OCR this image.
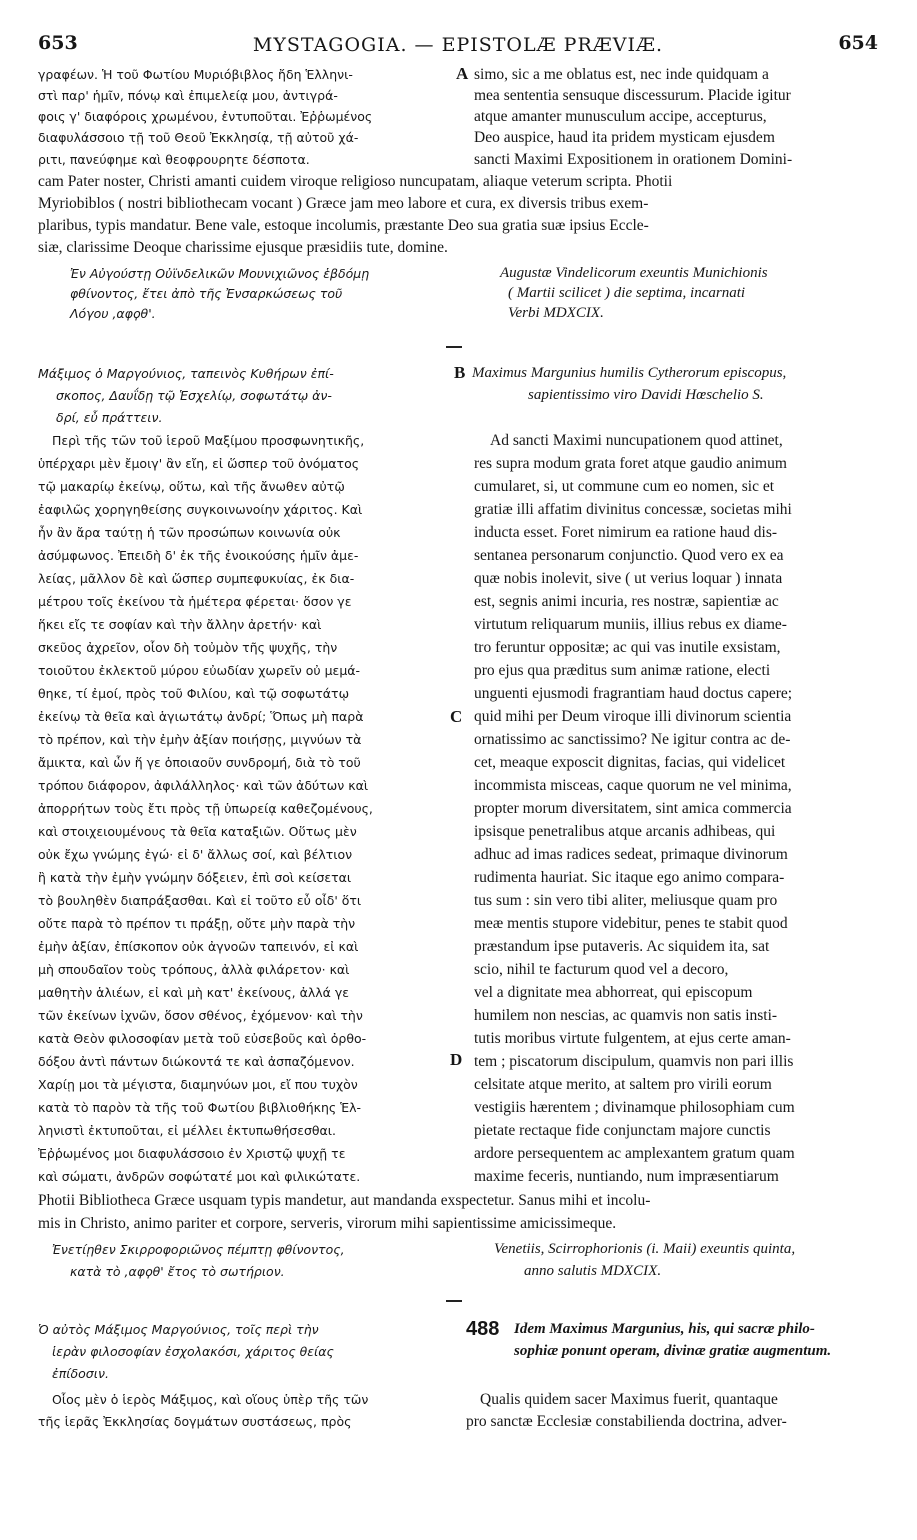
653	MYSTAGOGIA. — EPISTOLÆ PRÆVIÆ.	654
γραφέων. Ἡ τοῦ Φωτίου Μυριόβιβλος ἤδη Ἑλληνι-
στὶ παρ' ἡμῖν, πόνῳ καὶ ἐπιμελείᾳ μου, ἀντιγρά-
φοις γ' διαφόροις χρωμένου, ἐντυποῦται. Ἐῤῥωμένος
διαφυλάσσοιο τῇ τοῦ Θεοῦ Ἐκκλησίᾳ, τῇ αὐτοῦ χά-
ριτι, πανεύφημε καὶ θεοφρουρητε δέσποτα.
A simo, sic a me oblatus est, nec inde quidquam a
mea sententia sensuque discessurum. Placide igitur
atque amanter munusculum accipe, accepturus,
Deo auspice, haud ita pridem mysticam ejusdem
sancti Maximi Expositionem in orationem Domini-
cam Pater noster, Christi amanti cuidem viroque religioso nuncupatam, aliaque veterum scripta. Photii
Myriobiblos ( nostri bibliothecam vocant ) Græce jam meo labore et cura, ex diversis tribus exem-
plaribus, typis mandatur. Bene vale, estoque incolumis, præstante Deo sua gratia suæ ipsius Eccle-
siæ, clarissime Deoque charissime ejusque præsidiis tute, domine.
Ἐν Αὐγούστῃ Οὐϊνδελικῶν Μουνιχιῶνος ἑβδόμῃ
φθίνοντος, ἔτει ἀπὸ τῆς Ἐνσαρκώσεως τοῦ
Λόγου ,αφϙθ'.
Augustæ Vindelicorum exeuntis Munichionis
( Martii scilicet ) die septima, incarnati
Verbi MDXCIX.
Μάξιμος ὁ Μαργούνιος, ταπεινὸς Κυθήρων ἐπί-
σκοπος, Δαυΐδῃ τῷ Ἑσχελίῳ, σοφωτάτῳ ἀν-
δρί, εὖ πράττειν.
B Maximus Margunius humilis Cytherorum episcopus,
sapientissimo viro Davidi Hœschelio S.
Περὶ τῆς τῶν τοῦ ἱεροῦ Μαξίμου προσφωνητικῆς,
ὑπέρχαρι μὲν ἔμοιγ' ἂν εἴη, εἰ ὥσπερ τοῦ ὀνόματος
τῷ μακαρίῳ ἐκείνῳ, οὕτω, καὶ τῆς ἄνωθεν αὐτῷ
ἐαφιλῶς χορηγηθείσης συγκοινωνοίην χάριτος. Καὶ
ἦν ἂν ἄρα ταύτῃ ἡ τῶν προσώπων κοινωνία οὐκ
ἀσύμφωνος. Ἐπειδὴ δ' ἐκ τῆς ἐνοικούσης ἡμῖν ἀμε-
λείας, μᾶλλον δὲ καὶ ὥσπερ συμπεφυκυίας, ἐκ δια-
μέτρου τοῖς ἐκείνου τὰ ἡμέτερα φέρεται· ὅσον γε
ἥκει εἴς τε σοφίαν καὶ τὴν ἄλλην ἀρετήν· καὶ
σκεῦος ἀχρεῖον, οἷον δὴ τοὐμὸν τῆς ψυχῆς, τὴν
τοιοῦτου ἐκλεκτοῦ μύρου εὐωδίαν χωρεῖν οὐ μεμά-
θηκε, τί ἐμοί, πρὸς τοῦ Φιλίου, καὶ τῷ σοφωτάτῳ
ἐκείνῳ τὰ θεῖα καὶ ἁγιωτάτῳ ἀνδρί; Ὅπως μὴ παρὰ
τὸ πρέπον, καὶ τὴν ἐμὴν ἀξίαν ποιήσῃς, μιγνύων τὰ
ἄμικτα, καὶ ὧν ἥ γε ὁποιαοῦν συνδρομή, διὰ τὸ τοῦ
τρόπου διάφορον, ἀφιλάλληλος· καὶ τῶν ἀδύτων καὶ
ἀπορρήτων τοὺς ἔτι πρὸς τῇ ὑπωρείᾳ καθεζομένους,
καὶ στοιχειουμένους τὰ θεῖα καταξιῶν. Οὕτως μὲν
οὐκ ἔχω γνώμης ἐγώ· εἰ δ' ἄλλως σοί, καὶ βέλτιον
ἢ κατὰ τὴν ἐμὴν γνώμην δόξειεν, ἐπὶ σοὶ κείσεται
τὸ βουληθὲν διαπράξασθαι. Καὶ εἰ τοῦτο εὖ οἶδ' ὅτι
οὔτε παρὰ τὸ πρέπον τι πράξῃ, οὔτε μὴν παρὰ τὴν
ἐμὴν ἀξίαν, ἐπίσκοπον οὐκ ἀγνοῶν ταπεινόν, εἰ καὶ
μὴ σπουδαῖον τοὺς τρόπους, ἀλλὰ φιλάρετον· καὶ
μαθητὴν ἁλιέων, εἰ καὶ μὴ κατ' ἐκείνους, ἀλλά γε
τῶν ἐκείνων ἰχνῶν, ὅσον σθένος, ἐχόμενον· καὶ τὴν
κατὰ Θεὸν φιλοσοφίαν μετὰ τοῦ εὐσεβοῦς καὶ ὀρθο-
δόξου ἀντὶ πάντων διώκοντά τε καὶ ἀσπαζόμενον.
Χαρίῃ μοι τὰ μέγιστα, διαμηνύων μοι, εἴ που τυχὸν
κατὰ τὸ παρὸν τὰ τῆς τοῦ Φωτίου βιβλιοθήκης Ἑλ-
ληνιστὶ ἐκτυποῦται, εἰ μέλλει ἐκτυπωθήσεσθαι.
Ἐῤῥωμένος μοι διαφυλάσσοιο ἐν Χριστῷ ψυχῇ τε
καὶ σώματι, ἀνδρῶν σοφώτατέ μοι καὶ φιλικώτατε.
C
D
Ad sancti Maximi nuncupationem quod attinet,
res supra modum grata foret atque gaudio animum
cumularet, si, ut commune cum eo nomen, sic et
gratiæ illi affatim divinitus concessæ, societas mihi
inducta esset. Foret nimirum ea ratione haud dis-
sentanea personarum conjunctio. Quod vero ex ea
quæ nobis inolevit, sive ( ut verius loquar ) innata
est, segnis animi incuria, res nostræ, sapientiæ ac
virtutum reliquarum muniis, illius rebus ex diame-
tro feruntur oppositæ; ac qui vas inutile exsistam,
pro ejus qua præditus sum animæ ratione, electi
unguenti ejusmodi fragrantiam haud doctus capere;
quid mihi per Deum viroque illi divinorum scientia
ornatissimo ac sanctissimo? Ne igitur contra ac de-
cet, meaque exposcit dignitas, facias, qui videlicet
incommista misceas, caque quorum ne vel minima,
propter morum diversitatem, sint amica commercia
ipsisque penetralibus atque arcanis adhibeas, qui
adhuc ad imas radices sedeat, primaque divinorum
rudimenta hauriat. Sic itaque ego animo compara-
tus sum : sin vero tibi aliter, meliusque quam pro
meæ mentis stupore videbitur, penes te stabit quod
præstandum ipse putaveris. Ac siquidem ita, sat
scio, nihil te facturum quod vel a decoro,
vel a dignitate mea abhorreat, qui episcopum
humilem non nescias, ac quamvis non satis insti-
tutis moribus virtute fulgentem, at ejus certe aman-
tem ; piscatorum discipulum, quamvis non pari illis
celsitate atque merito, at saltem pro virili eorum
vestigiis hærentem ; divinamque philosophiam cum
pietate rectaque fide conjunctam majore cunctis
ardore persequentem ac amplexantem gratum quam
maxime feceris, nuntiando, num impræsentiarum
Photii Bibliotheca Græce usquam typis mandetur, aut mandanda exspectetur. Sanus mihi et incolu-
mis in Christo, animo pariter et corpore, serveris, virorum mihi sapientissime amicissimeque.
Ἐνετίῃθεν Σκιρροφοριῶνος πέμπτῃ φθίνοντος,
κατὰ τὸ ,αφϙθ' ἔτος τὸ σωτήριον.
Venetiis, Scirrophorionis (i. Maii) exeuntis quinta,
anno salutis MDXCIX.
Ὁ αὐτὸς Μάξιμος Μαργούνιος, τοῖς περὶ τὴν
ἱερὰν φιλοσοφίαν ἐσχολακόσι, χάριτος θείας
ἐπίδοσιν.
488 Idem Maximus Margunius, his, qui sacræ philo-
sophiæ ponunt operam, divinæ gratiæ augmentum.
Οἷος μὲν ὁ ἱερὸς Μάξιμος, καὶ οἵους ὑπὲρ τῆς τῶν
τῆς ἱερᾶς Ἐκκλησίας δογμάτων συστάσεως, πρὸς
Qualis quidem sacer Maximus fuerit, quantaque
pro sanctæ Ecclesiæ constabilienda doctrina, adver-
